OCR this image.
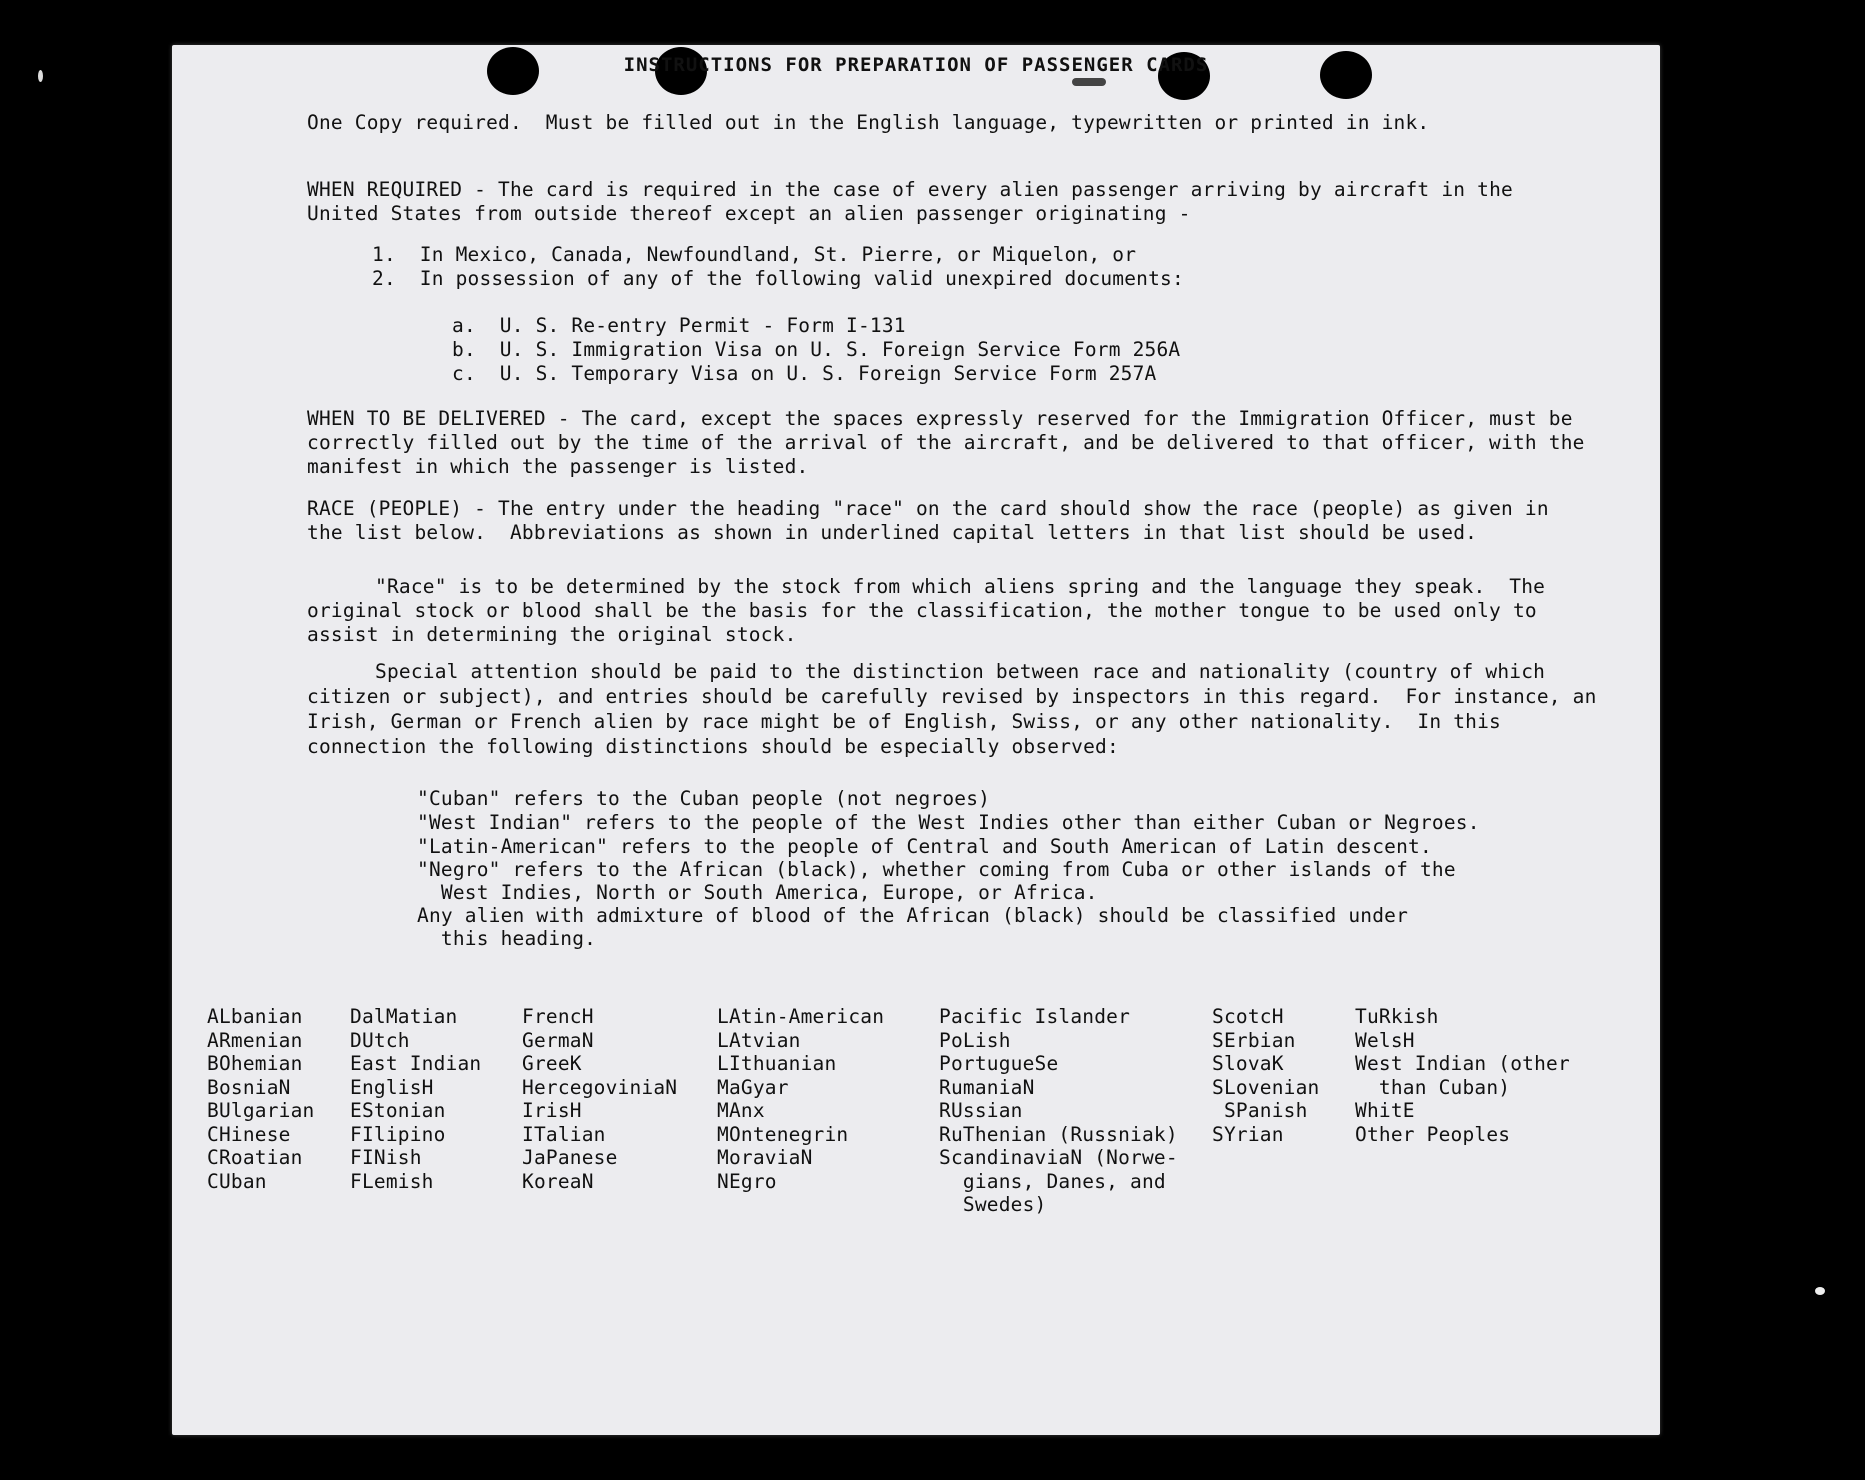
INSTRUCTIONS FOR PREPARATION OF PASSENGER CARDS

One Copy required.  Must be filled out in the English language, typewritten or printed in ink.

WHEN REQUIRED - The card is required in the case of every alien passenger arriving by aircraft in the United States from outside thereof except an alien passenger originating -

1. In Mexico, Canada, Newfoundland, St. Pierre, or Miquelon, or
2. In possession of any of the following valid unexpired documents:
a. U. S. Re-entry Permit - Form I-131
b. U. S. Immigration Visa on U. S. Foreign Service Form 256A
c. U. S. Temporary Visa on U. S. Foreign Service Form 257A

WHEN TO BE DELIVERED - The card, except the spaces expressly reserved for the Immigration Officer, must be correctly filled out by the time of the arrival of the aircraft, and be delivered to that officer, with the manifest in which the passenger is listed.

RACE (PEOPLE) - The entry under the heading "race" on the card should show the race (people) as given in the list below.  Abbreviations as shown in underlined capital letters in that list should be used.

"Race" is to be determined by the stock from which aliens spring and the language they speak.  The original stock or blood shall be the basis for the classification, the mother tongue to be used only to assist in determining the original stock.

Special attention should be paid to the distinction between race and nationality (country of which citizen or subject), and entries should be carefully revised by inspectors in this regard.  For instance, an Irish, German or French alien by race might be of English, Swiss, or any other nationality.  In this connection the following distinctions should be especially observed:

"Cuban" refers to the Cuban people (not negroes)
"West Indian" refers to the people of the West Indies other than either Cuban or Negroes.
"Latin-American" refers to the people of Central and South American of Latin descent.
"Negro" refers to the African (black), whether coming from Cuba or other islands of the
West Indies, North or South America, Europe, or Africa.
Any alien with admixture of blood of the African (black) should be classified under
this heading.
ALbanian
ARmenian
BOhemian
BosniaN
BUlgarian
CHinese
CRoatian
CUban
DalMatian
DUtch
East Indian
EnglisH
EStonian
FIlipino
FINish
FLemish
FrencH
GermaN
GreeK
HercegoviniaN
IrisH
ITalian
JaPanese
KoreaN
LAtin-American
LAtvian
LIthuanian
MaGyar
MAnx
MOntenegrin
MoraviaN
NEgro
Pacific Islander
PoLish
PortugueSe
RumaniaN
RUssian
RuThenian (Russniak)
ScandinaviaN (Norwe-
gians, Danes, and
Swedes)
ScotcH
SErbian
SlovaK
SLovenian
SPanish
SYrian
TuRkish
WelsH
West Indian (other
than Cuban)
WhitE
Other Peoples
